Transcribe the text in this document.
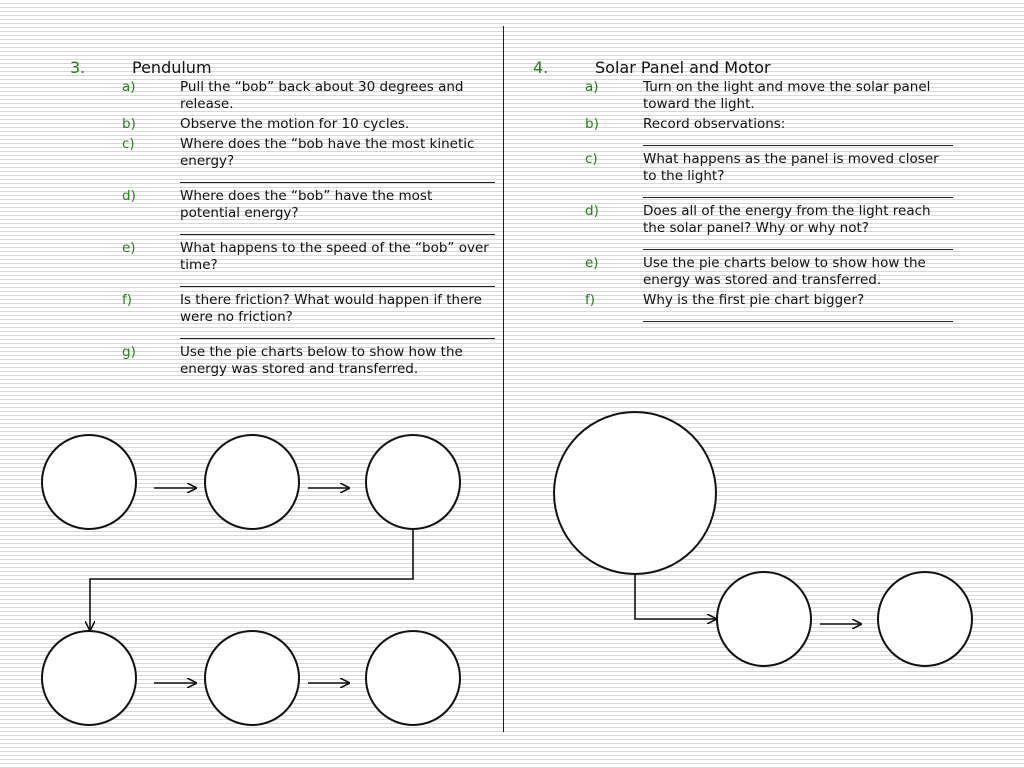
3.	Pendulum
a)	Pull the “bob” back about 30 degrees and release.
b)	Observe the motion for 10 cycles.
c)	Where does the “bob have the most kinetic energy?
d)	Where does the “bob” have the most potential energy?
e)	What happens to the speed of the “bob” over time?
f)	Is there friction? What would happen if there were no friction?
g)	Use the pie charts below to show how the energy was stored and transferred.
4.	Solar Panel and Motor
a)	Turn on the light and move the solar panel toward the light.
b)	Record observations:
c)	What happens as the panel is moved closer to the light?
d)	Does all of the energy from the light reach the solar panel? Why or why not?
e)	Use the pie charts below to show how the energy was stored and transferred.
f)	Why is the first pie chart bigger?
